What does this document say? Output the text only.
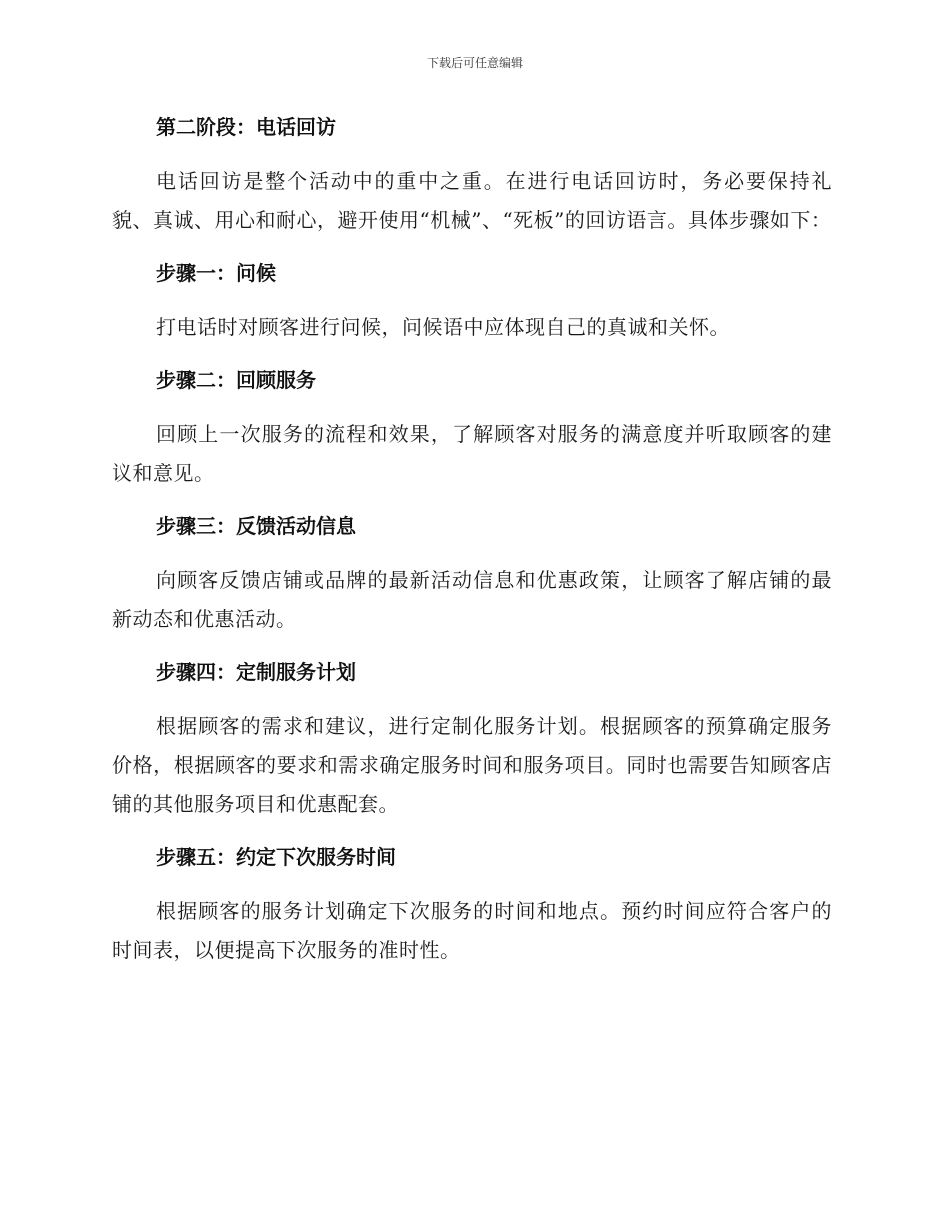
下载后可任意编辑

第二阶段：电话回访

电话回访是整个活动中的重中之重。在进行电话回访时，务必要保持礼貌、真诚、用心和耐心，避开使用“机械”、“死板”的回访语言。具体步骤如下：

步骤一：问候

打电话时对顾客进行问候，问候语中应体现自己的真诚和关怀。

步骤二：回顾服务

回顾上一次服务的流程和效果，了解顾客对服务的满意度并听取顾客的建议和意见。

步骤三：反馈活动信息

向顾客反馈店铺或品牌的最新活动信息和优惠政策，让顾客了解店铺的最新动态和优惠活动。

步骤四：定制服务计划

根据顾客的需求和建议，进行定制化服务计划。根据顾客的预算确定服务价格，根据顾客的要求和需求确定服务时间和服务项目。同时也需要告知顾客店铺的其他服务项目和优惠配套。

步骤五：约定下次服务时间

根据顾客的服务计划确定下次服务的时间和地点。预约时间应符合客户的时间表，以便提高下次服务的准时性。
